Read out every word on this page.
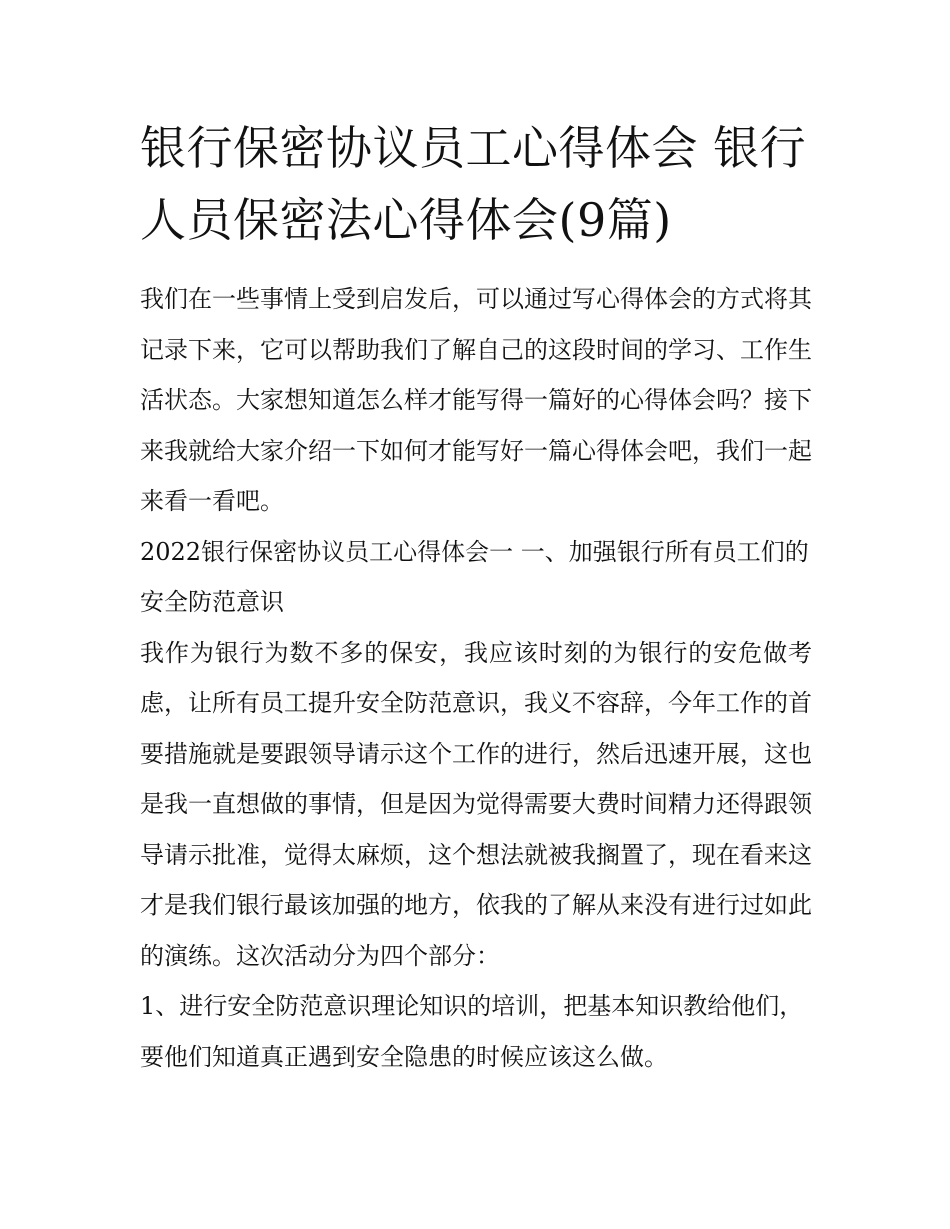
银行保密协议员工心得体会 银行人员保密法心得体会(9篇)

我们在一些事情上受到启发后，可以通过写心得体会的方式将其记录下来，它可以帮助我们了解自己的这段时间的学习、工作生活状态。大家想知道怎么样才能写得一篇好的心得体会吗？接下来我就给大家介绍一下如何才能写好一篇心得体会吧，我们一起来看一看吧。

2022银行保密协议员工心得体会一 一、加强银行所有员工们的安全防范意识

我作为银行为数不多的保安，我应该时刻的为银行的安危做考虑，让所有员工提升安全防范意识，我义不容辞，今年工作的首要措施就是要跟领导请示这个工作的进行，然后迅速开展，这也是我一直想做的事情，但是因为觉得需要大费时间精力还得跟领导请示批准，觉得太麻烦，这个想法就被我搁置了，现在看来这才是我们银行最该加强的地方，依我的了解从来没有进行过如此的演练。这次活动分为四个部分：

1、进行安全防范意识理论知识的培训，把基本知识教给他们，要他们知道真正遇到安全隐患的时候应该这么做。
